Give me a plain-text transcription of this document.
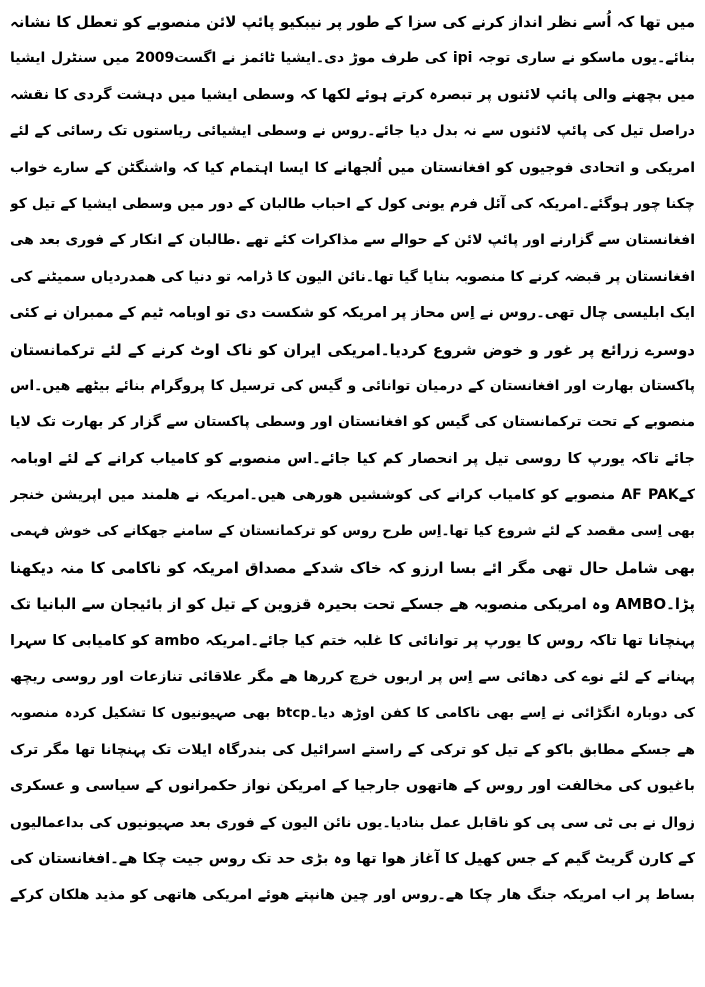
میں تھا کہ اُسے نظر انداز کرنے کی سزا کے طور پر نیبکیو پائپ لائن منصوبے کو تعطل کا نشانہ
بنائے۔یوں ماسکو نے ساری توجہ ipi کی طرف موڑ دی۔ایشیا ٹائمز نے اگست2009 میں سنٹرل ایشیا
میں بچھنے والی پائپ لائنوں پر تبصرہ کرتے ہوئے لکھا کہ وسطی ایشیا میں دہشت گردی کا نقشہ
دراصل تیل کی پائپ لائنوں سے نہ بدل دیا جائے۔روس نے وسطی ایشیائی ریاستوں تک رسائی کے لئے
امریکی و اتحادی فوجیوں کو افغانستان میں اُلجھانے کا ایسا اہتمام کیا کہ واشنگٹن کے سارے خواب
چکنا چور ہوگئے۔امریکہ کی آئل فرم یونی کول کے احباب طالبان کے دور میں وسطی ایشیا کے تیل کو
افغانستان سے گزارنے اور پائپ لائن کے حوالے سے مذاکرات کئے تھے .طالبان کے انکار کے فوری بعد ھی
افغانستان پر قبضہ کرنے کا منصوبہ بنایا گیا تھا۔نائن الیون کا ڈرامہ تو دنیا کی ھمدردیاں سمیٹنے کی
ایک ابلیسی چال تھی۔روس نے اِس محاز پر امریکہ کو شکست دی تو اوبامہ ٹیم کے ممبران نے کئی
دوسرے زرائع پر غور و خوض شروع کردیا۔امریکی ایران کو ناک اوٹ کرنے کے لئے ترکمانستان
پاکستان بھارت اور افغانستان کے درمیان توانائی و گیس کی ترسیل کا پروگرام بنائے بیٹھے ھیں۔اس
منصوبے کے تحت ترکمانستان کی گیس کو افغانستان اور وسطی پاکستان سے گزار کر بھارت تک لایا
جائے تاکہ یورپ کا روسی تیل پر انحصار کم کیا جائے۔اس منصوبے کو کامیاب کرانے کے لئے اوبامہ
کےAF PAK منصوبے کو کامیاب کرانے کی کوششیں ھورھی ھیں۔امریکہ نے ھلمند میں اپریشن خنجر
بھی اِسی مقصد کے لئے شروع کیا تھا۔اِس طرح روس کو ترکمانستان کے سامنے جھکانے کی خوش فہمی
بھی شامل حال تھی مگر ائے بسا ارزو کہ خاک شدکے مصداق امریکہ کو ناکامی کا منہ دیکھنا
پڑا۔AMBO وہ امریکی منصوبہ ھے جسکے تحت بحیرہ قزوین کے تیل کو از بائیجان سے البانیا تک
پہنچانا تھا تاکہ روس کا یورپ پر توانائی کا غلبہ ختم کیا جائے۔امریکہ ambo کو کامیابی کا سہرا
پہنانے کے لئے نوے کی دھائی سے اِس پر اربوں خرچ کررھا ھے مگر علاقائی تنازعات اور روسی ریچھ
کی دوبارہ انگڑائی نے اِسے بھی ناکامی کا کفن اوڑھ دیا۔btcp بھی صہیونیوں کا تشکیل کردہ منصوبہ
ھے جسکے مطابق باکو کے تیل کو ترکی کے راستے اسرائیل کی بندرگاہ ایلات تک پہنچانا تھا مگر ترک
باغیوں کی مخالفت اور روس کے ھاتھوں جارجیا کے امریکن نواز حکمرانوں کے سیاسی و عسکری
زوال نے بی ٹی سی پی کو ناقابل عمل بنادیا۔یوں نائن الیون کے فوری بعد صہیونیوں کی بداعمالیوں
کے کارن گریٹ گیم کے جس کھیل کا آغاز ھوا تھا وہ بڑی حد تک روس جیت چکا ھے۔افغانستان کی
بساط پر اب امریکہ جنگ ھار چکا ھے۔روس اور چین ھانپتے ھوئے امریکی ھاتھی کو مذید ھلکان کرکے
